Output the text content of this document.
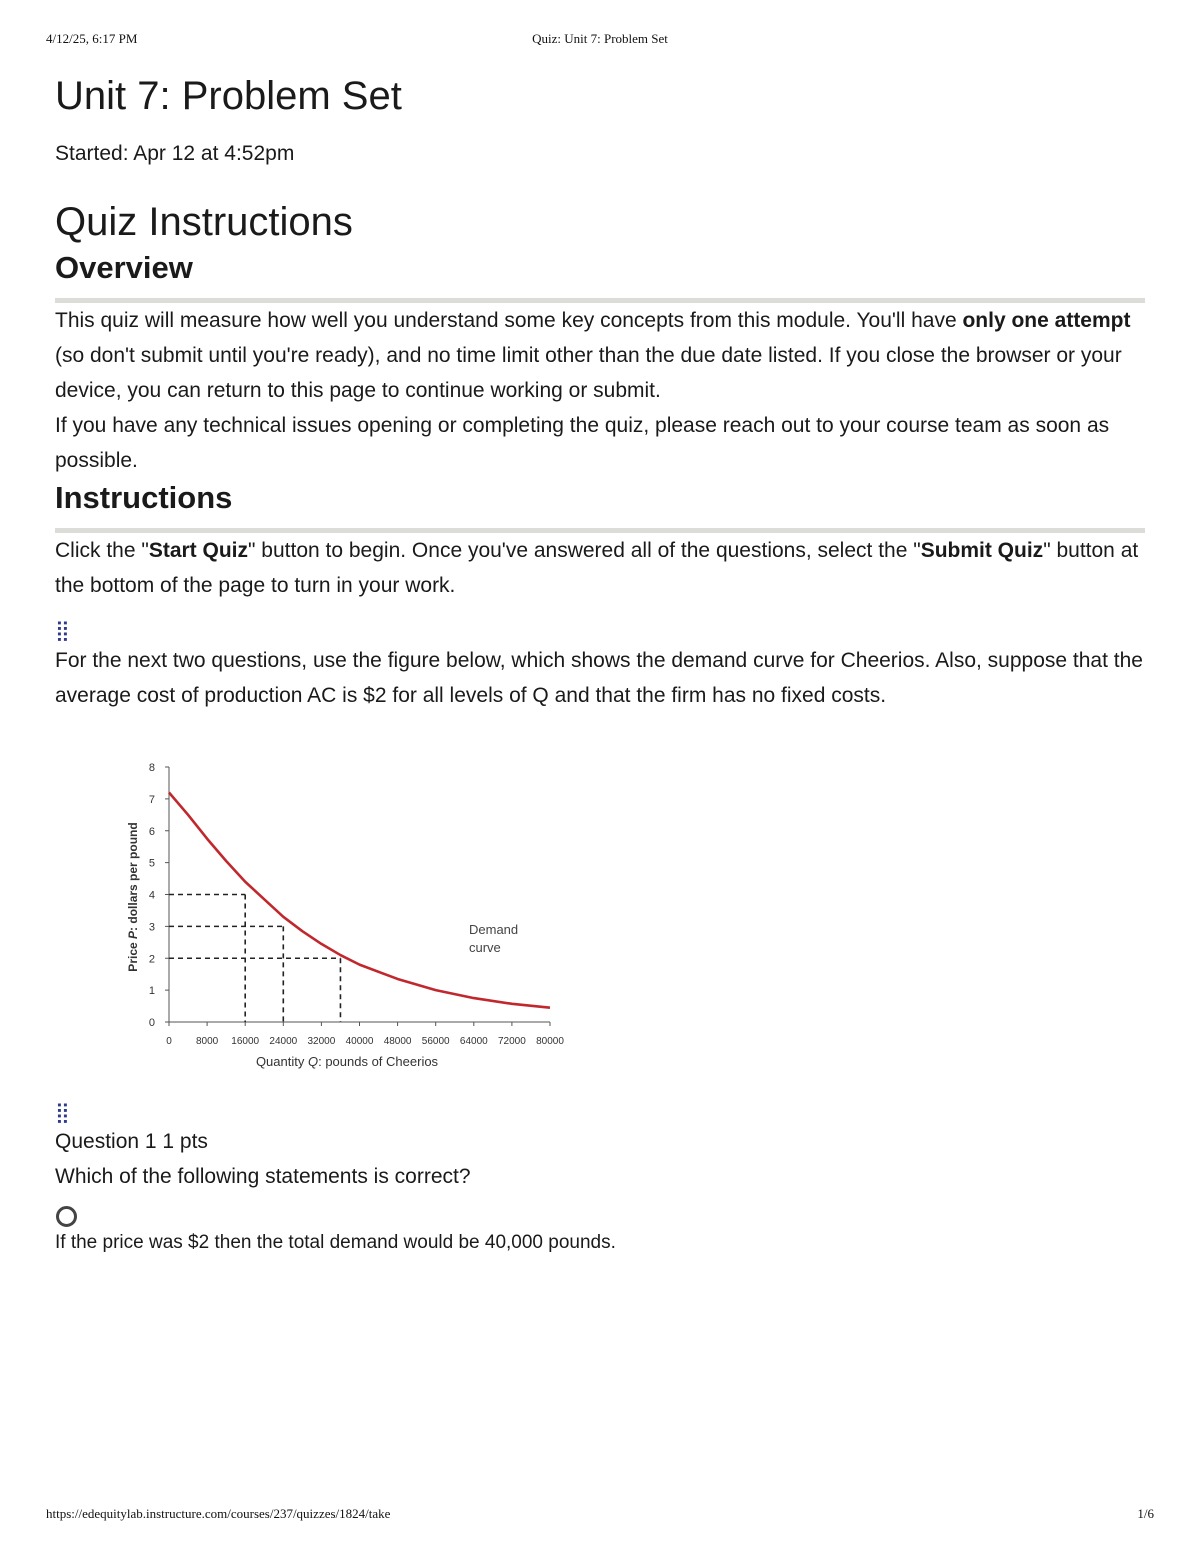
4/12/25, 6:17 PM	Quiz: Unit 7: Problem Set
Unit 7: Problem Set
Started: Apr 12 at 4:52pm
Quiz Instructions
Overview

This quiz will measure how well you understand some key concepts from this module. You'll have only one attempt (so don't submit until you're ready), and no time limit other than the due date listed. If you close the browser or your device, you can return to this page to continue working or submit.

If you have any technical issues opening or completing the quiz, please reach out to your course team as soon as possible.

Instructions

Click the "Start Quiz" button to begin. Once you've answered all of the questions, select the "Submit Quiz" button at the bottom of the page to turn in your work.

⣿

For the next two questions, use the figure below, which shows the demand curve for Cheerios. Also, suppose that the average cost of production AC is $2 for all levels of Q and that the firm has no fixed costs.

0
1
2
3
4
5
6
7
8
0 8000 16000 24000 32000 40000 48000 56000 64000 72000 80000
Demand
curve
Quantity Q: pounds of Cheerios
Price P: dollars per pound
⣿
Question 1 1 pts
Which of the following statements is correct?
If the price was $2 then the total demand would be 40,000 pounds.
https://edequitylab.instructure.com/courses/237/quizzes/1824/take	1/6
